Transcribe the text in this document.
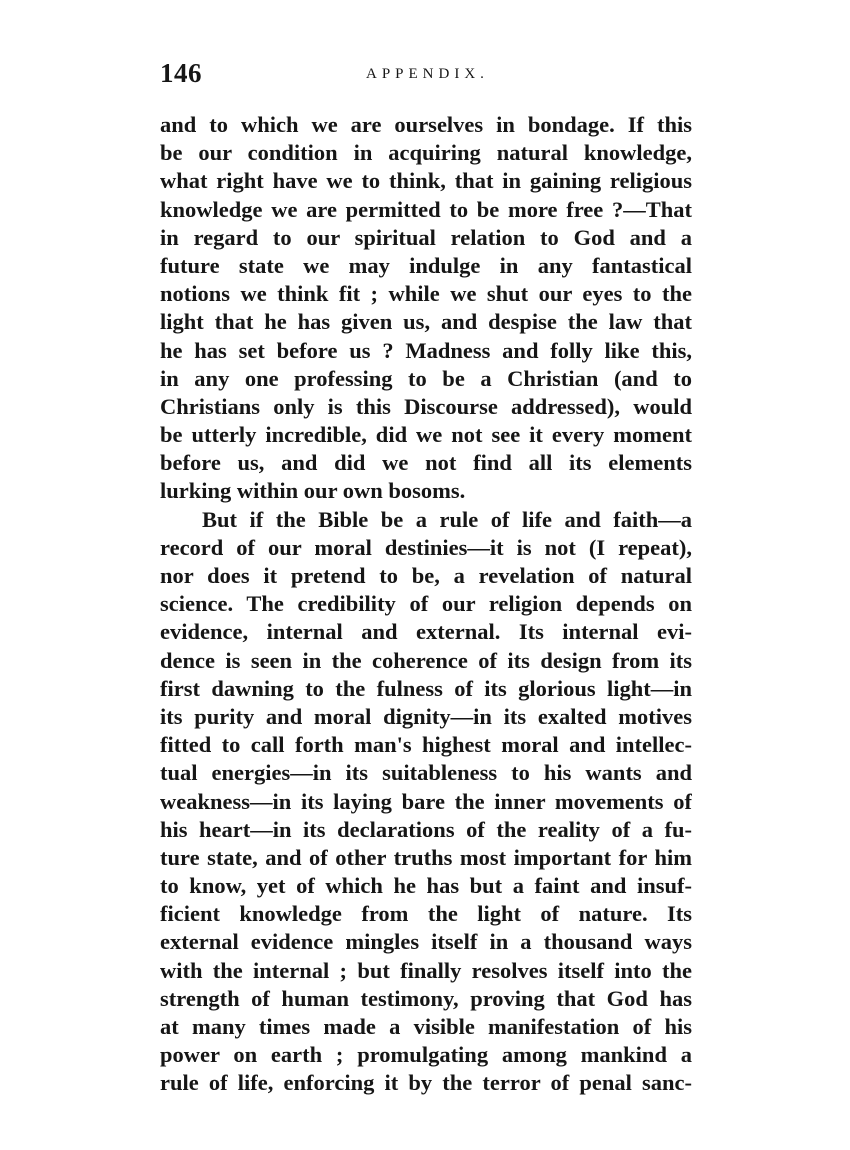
146	APPENDIX.
and to which we are ourselves in bondage. If this
be our condition in acquiring natural knowledge,
what right have we to think, that in gaining religious
knowledge we are permitted to be more free ?—That
in regard to our spiritual relation to God and a
future state we may indulge in any fantastical
notions we think fit ; while we shut our eyes to the
light that he has given us, and despise the law that
he has set before us ? Madness and folly like this,
in any one professing to be a Christian (and to
Christians only is this Discourse addressed), would
be utterly incredible, did we not see it every moment
before us, and did we not find all its elements
lurking within our own bosoms.
But if the Bible be a rule of life and faith—a
record of our moral destinies—it is not (I repeat),
nor does it pretend to be, a revelation of natural
science. The credibility of our religion depends on
evidence, internal and external. Its internal evi-
dence is seen in the coherence of its design from its
first dawning to the fulness of its glorious light—in
its purity and moral dignity—in its exalted motives
fitted to call forth man's highest moral and intellec-
tual energies—in its suitableness to his wants and
weakness—in its laying bare the inner movements of
his heart—in its declarations of the reality of a fu-
ture state, and of other truths most important for him
to know, yet of which he has but a faint and insuf-
ficient knowledge from the light of nature. Its
external evidence mingles itself in a thousand ways
with the internal ; but finally resolves itself into the
strength of human testimony, proving that God has
at many times made a visible manifestation of his
power on earth ; promulgating among mankind a
rule of life, enforcing it by the terror of penal sanc-
